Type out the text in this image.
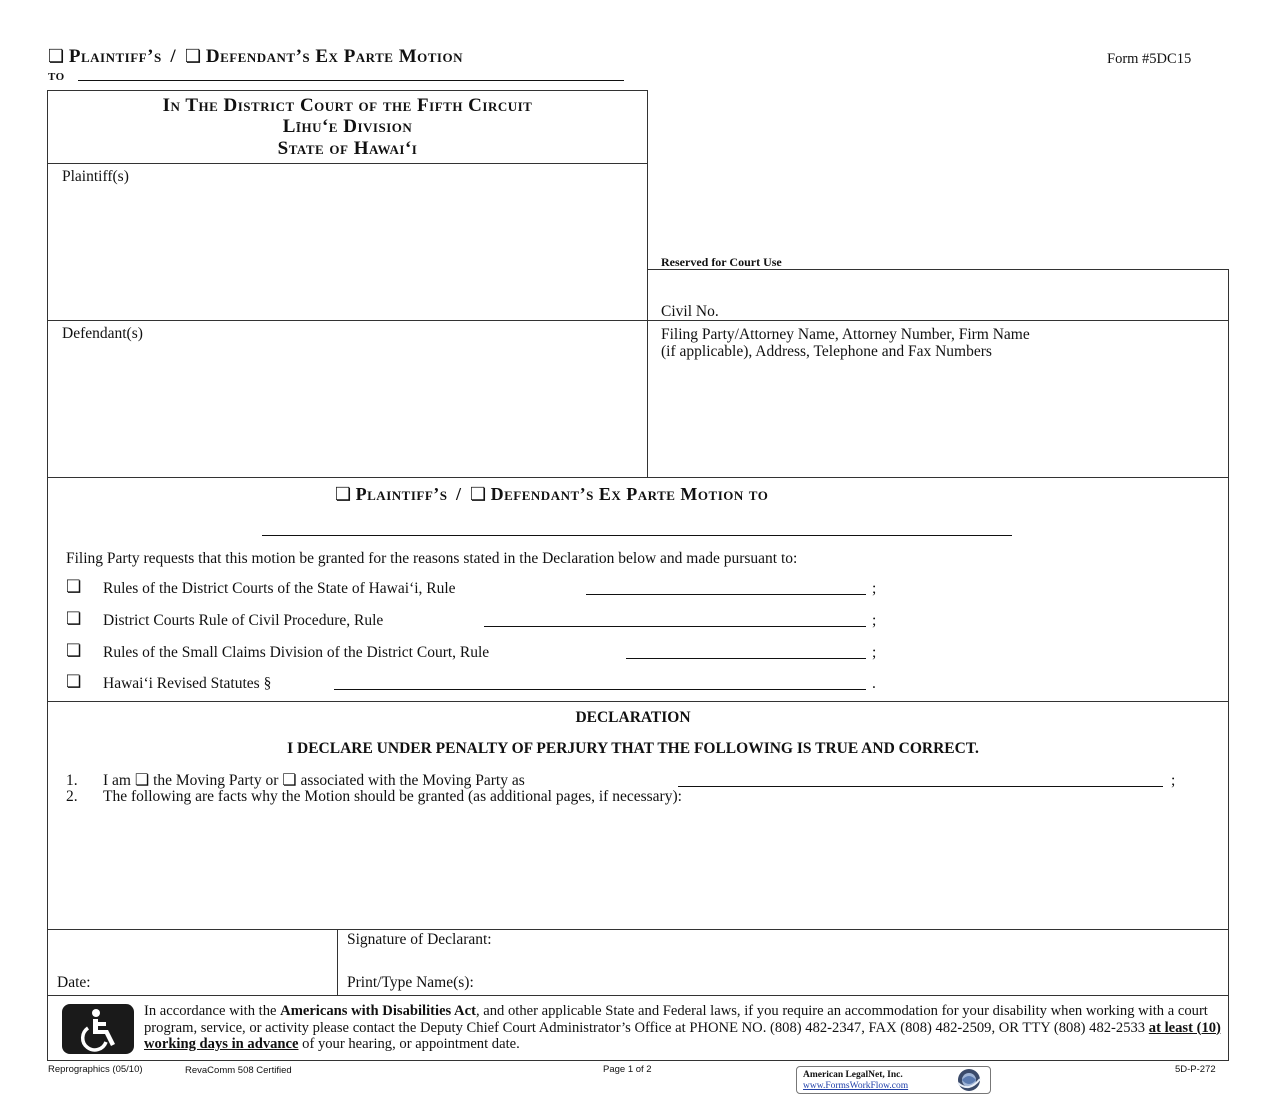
❏ Plaintiff’s / ❏ Defendant’s Ex Parte Motion
to
Form #5DC15
In The District Court of the Fifth Circuit
Līhu‘e Division
State of Hawai‘i
Plaintiff(s)
Defendant(s)
Reserved for Court Use
Civil No.
Filing Party/Attorney Name, Attorney Number, Firm Name
(if applicable), Address, Telephone and Fax Numbers
❏ Plaintiff’s / ❏ Defendant’s Ex Parte Motion to
Filing Party requests that this motion be granted for the reasons stated in the Declaration below and made pursuant to:
❏ Rules of the District Courts of the State of Hawai‘i, Rule	;
❏ District Courts Rule of Civil Procedure, Rule	;
❏ Rules of the Small Claims Division of the District Court, Rule	;
❏ Hawai‘i Revised Statutes §	.
DECLARATION
I DECLARE UNDER PENALTY OF PERJURY THAT THE FOLLOWING IS TRUE AND CORRECT.
1. I am ❏ the Moving Party or ❏ associated with the Moving Party as	;
2. The following are facts why the Motion should be granted (as additional pages, if necessary):
Signature of Declarant:
Date:	Print/Type Name(s):
In accordance with the Americans with Disabilities Act, and other applicable State and Federal laws, if you require an accommodation for your disability when working with a court program, service, or activity please contact the Deputy Chief Court Administrator’s Office at PHONE NO. (808) 482-2347, FAX (808) 482-2509, OR TTY (808) 482-2533 at least (10) working days in advance of your hearing, or appointment date.
Reprographics (05/10)	RevaComm 508 Certified	Page 1 of 2	5D-P-272
American LegalNet, Inc.
www.FormsWorkFlow.com
